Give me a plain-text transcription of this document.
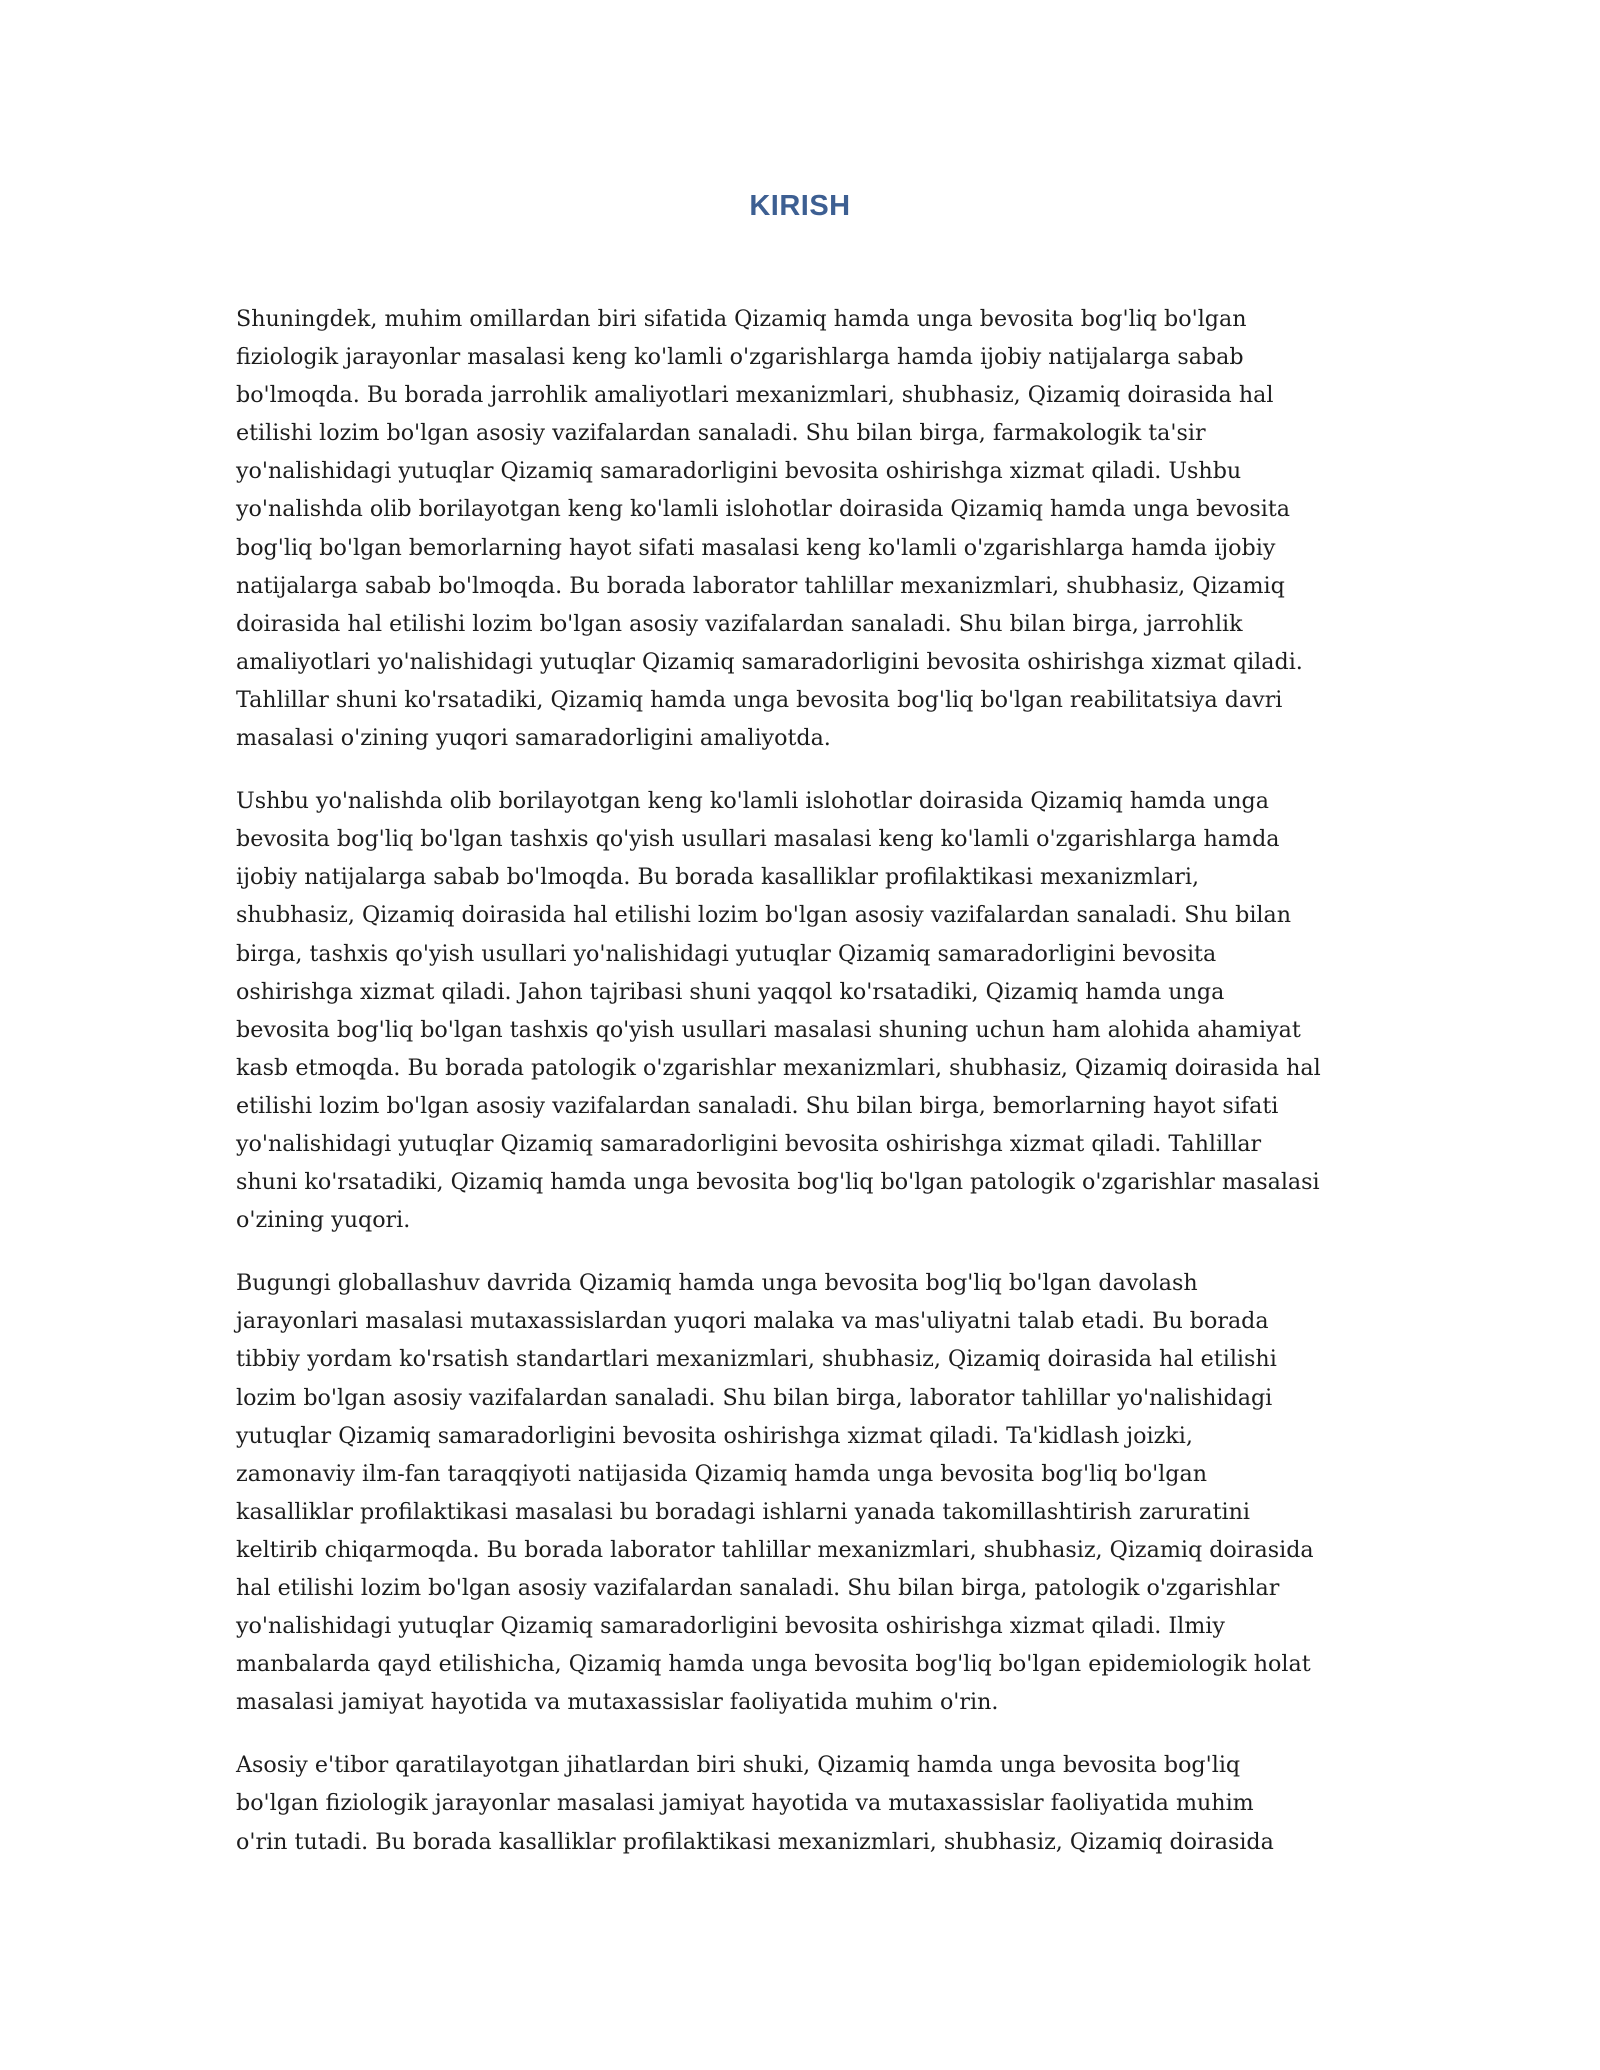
KIRISH

Shuningdek, muhim omillardan biri sifatida Qizamiq hamda unga bevosita bog'liq bo'lgan
fiziologik jarayonlar masalasi keng ko'lamli o'zgarishlarga hamda ijobiy natijalarga sabab
bo'lmoqda. Bu borada jarrohlik amaliyotlari mexanizmlari, shubhasiz, Qizamiq doirasida hal
etilishi lozim bo'lgan asosiy vazifalardan sanaladi. Shu bilan birga, farmakologik ta'sir
yo'nalishidagi yutuqlar Qizamiq samaradorligini bevosita oshirishga xizmat qiladi. Ushbu
yo'nalishda olib borilayotgan keng ko'lamli islohotlar doirasida Qizamiq hamda unga bevosita
bog'liq bo'lgan bemorlarning hayot sifati masalasi keng ko'lamli o'zgarishlarga hamda ijobiy
natijalarga sabab bo'lmoqda. Bu borada laborator tahlillar mexanizmlari, shubhasiz, Qizamiq
doirasida hal etilishi lozim bo'lgan asosiy vazifalardan sanaladi. Shu bilan birga, jarrohlik
amaliyotlari yo'nalishidagi yutuqlar Qizamiq samaradorligini bevosita oshirishga xizmat qiladi.
Tahlillar shuni ko'rsatadiki, Qizamiq hamda unga bevosita bog'liq bo'lgan reabilitatsiya davri
masalasi o'zining yuqori samaradorligini amaliyotda.

Ushbu yo'nalishda olib borilayotgan keng ko'lamli islohotlar doirasida Qizamiq hamda unga
bevosita bog'liq bo'lgan tashxis qo'yish usullari masalasi keng ko'lamli o'zgarishlarga hamda
ijobiy natijalarga sabab bo'lmoqda. Bu borada kasalliklar profilaktikasi mexanizmlari,
shubhasiz, Qizamiq doirasida hal etilishi lozim bo'lgan asosiy vazifalardan sanaladi. Shu bilan
birga, tashxis qo'yish usullari yo'nalishidagi yutuqlar Qizamiq samaradorligini bevosita
oshirishga xizmat qiladi. Jahon tajribasi shuni yaqqol ko'rsatadiki, Qizamiq hamda unga
bevosita bog'liq bo'lgan tashxis qo'yish usullari masalasi shuning uchun ham alohida ahamiyat
kasb etmoqda. Bu borada patologik o'zgarishlar mexanizmlari, shubhasiz, Qizamiq doirasida hal
etilishi lozim bo'lgan asosiy vazifalardan sanaladi. Shu bilan birga, bemorlarning hayot sifati
yo'nalishidagi yutuqlar Qizamiq samaradorligini bevosita oshirishga xizmat qiladi. Tahlillar
shuni ko'rsatadiki, Qizamiq hamda unga bevosita bog'liq bo'lgan patologik o'zgarishlar masalasi
o'zining yuqori.

Bugungi globallashuv davrida Qizamiq hamda unga bevosita bog'liq bo'lgan davolash
jarayonlari masalasi mutaxassislardan yuqori malaka va mas'uliyatni talab etadi. Bu borada
tibbiy yordam ko'rsatish standartlari mexanizmlari, shubhasiz, Qizamiq doirasida hal etilishi
lozim bo'lgan asosiy vazifalardan sanaladi. Shu bilan birga, laborator tahlillar yo'nalishidagi
yutuqlar Qizamiq samaradorligini bevosita oshirishga xizmat qiladi. Ta'kidlash joizki,
zamonaviy ilm-fan taraqqiyoti natijasida Qizamiq hamda unga bevosita bog'liq bo'lgan
kasalliklar profilaktikasi masalasi bu boradagi ishlarni yanada takomillashtirish zaruratini
keltirib chiqarmoqda. Bu borada laborator tahlillar mexanizmlari, shubhasiz, Qizamiq doirasida
hal etilishi lozim bo'lgan asosiy vazifalardan sanaladi. Shu bilan birga, patologik o'zgarishlar
yo'nalishidagi yutuqlar Qizamiq samaradorligini bevosita oshirishga xizmat qiladi. Ilmiy
manbalarda qayd etilishicha, Qizamiq hamda unga bevosita bog'liq bo'lgan epidemiologik holat
masalasi jamiyat hayotida va mutaxassislar faoliyatida muhim o'rin.

Asosiy e'tibor qaratilayotgan jihatlardan biri shuki, Qizamiq hamda unga bevosita bog'liq
bo'lgan fiziologik jarayonlar masalasi jamiyat hayotida va mutaxassislar faoliyatida muhim
o'rin tutadi. Bu borada kasalliklar profilaktikasi mexanizmlari, shubhasiz, Qizamiq doirasida
